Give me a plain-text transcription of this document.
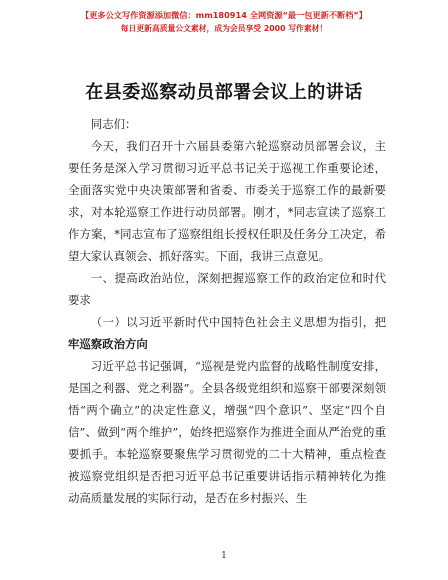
【更多公文写作资源添加微信：mm180914 全网资源“最一包更新不断档”】
每日更新高质量公文素材，成为会员享受 2000 写作素材！
在县委巡察动员部署会议上的讲话

同志们：

今天，我们召开十六届县委第六轮巡察动员部署会议，主要任务是深入学习贯彻习近平总书记关于巡视工作重要论述，全面落实党中央决策部署和省委、市委关于巡察工作的最新要求，对本轮巡察工作进行动员部署。刚才，*同志宣读了巡察工作方案，*同志宣布了巡察组组长授权任职及任务分工决定，希望大家认真领会、抓好落实。下面，我讲三点意见。

一、提高政治站位，深刻把握巡察工作的政治定位和时代要求

（一）以习近平新时代中国特色社会主义思想为指引，把牢巡察政治方向

习近平总书记强调，“巡视是党内监督的战略性制度安排，是国之利器、党之利器”。全县各级党组织和巡察干部要深刻领悟“两个确立”的决定性意义，增强“四个意识”、坚定“四个自信”、做到“两个维护”，始终把巡察作为推进全面从严治党的重要抓手。本轮巡察要聚焦学习贯彻党的二十大精神，重点检查被巡察党组织是否把习近平总书记重要讲话指示精神转化为推动高质量发展的实际行动，是否在乡村振兴、生

1
